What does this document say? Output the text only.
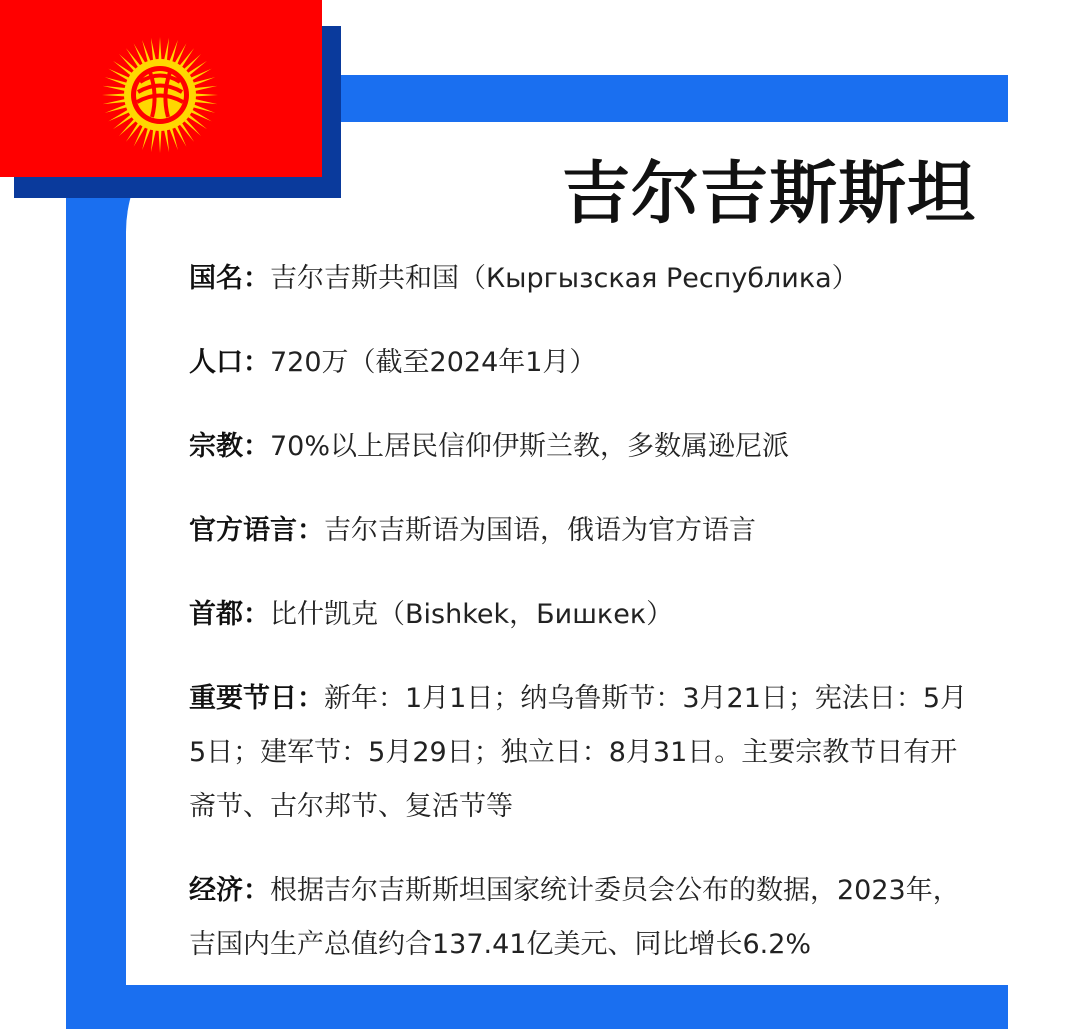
吉尔吉斯斯坦

国名：吉尔吉斯共和国（Кыргызская Республика）

人口：720万（截至2024年1月）

宗教：70%以上居民信仰伊斯兰教，多数属逊尼派

官方语言：吉尔吉斯语为国语，俄语为官方语言

首都：比什凯克（Bishkek，Бишкек）

重要节日：新年：1月1日；纳乌鲁斯节：3月21日；宪法日：5月5日；建军节：5月29日；独立日：8月31日。主要宗教节日有开斋节、古尔邦节、复活节等

经济：根据吉尔吉斯斯坦国家统计委员会公布的数据，2023年，吉国内生产总值约合137.41亿美元、同比增长6.2%
